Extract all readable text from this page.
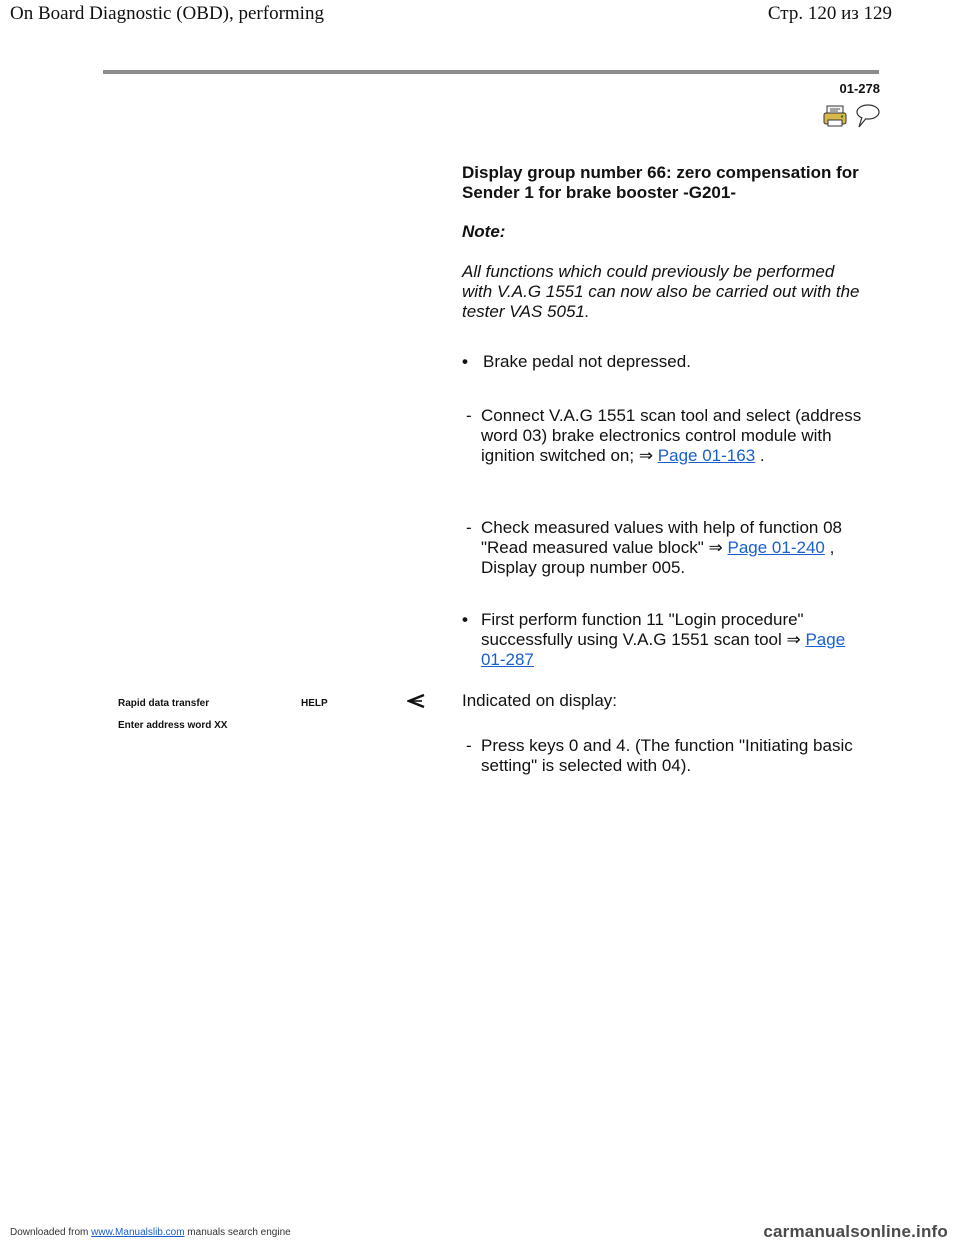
On Board Diagnostic (OBD), performing	Стр. 120 из 129
01-278
Display group number 66: zero compensation for Sender 1 for brake booster -G201-
Note:
All functions which could previously be performed with V.A.G 1551 can now also be carried out with the tester VAS 5051.
• Brake pedal not depressed.
- Connect V.A.G 1551 scan tool and select (address word 03) brake electronics control module with ignition switched on; ⇒ Page 01-163 .
- Check measured values with help of function 08 "Read measured value block" ⇒ Page 01-240 , Display group number 005.
• First perform function 11 "Login procedure" successfully using V.A.G 1551 scan tool ⇒ Page 01-287
Rapid data transfer	HELP
Enter address word XX
Indicated on display:
- Press keys 0 and 4. (The function "Initiating basic setting" is selected with 04).
Downloaded from www.Manualslib.com manuals search engine	carmanualsonline.info
